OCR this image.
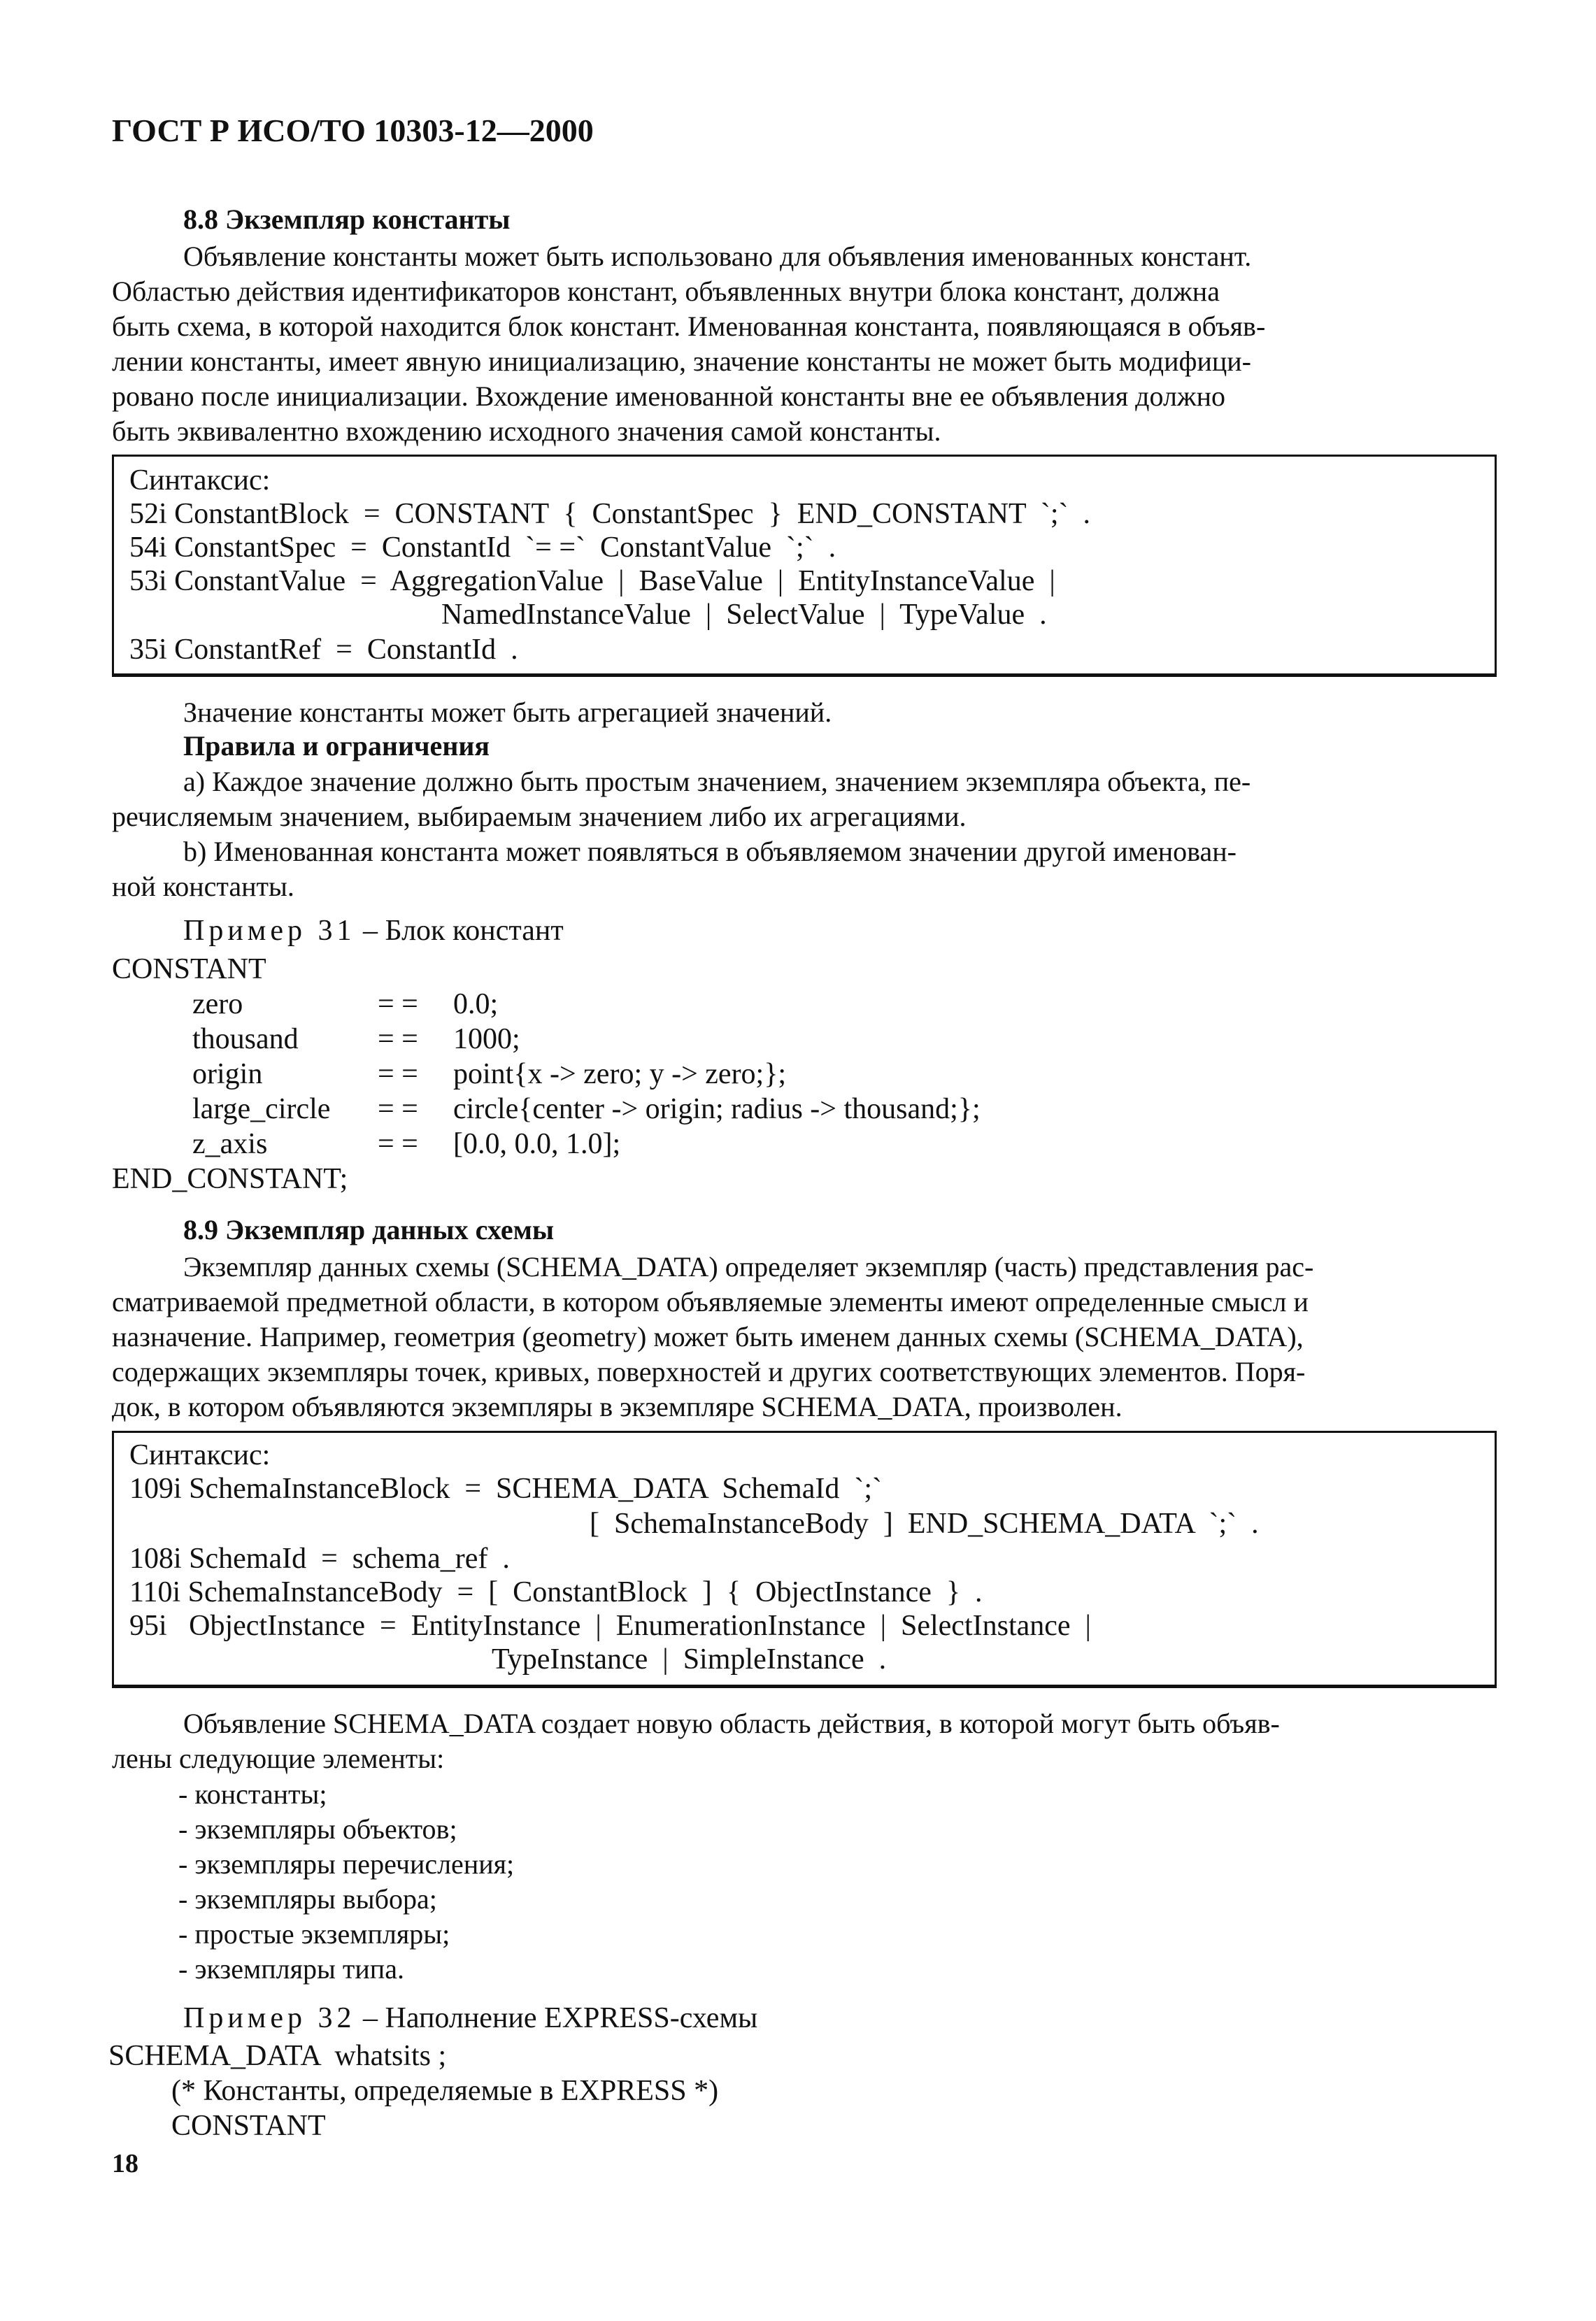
ГОСТ Р ИСО/ТО 10303-12—2000
8.8 Экземпляр константы
Объявление константы может быть использовано для объявления именованных констант.
Областью действия идентификаторов констант, объявленных внутри блока констант, должна
быть схема, в которой находится блок констант. Именованная константа, появляющаяся в объяв-
лении константы, имеет явную инициализацию, значение константы не может быть модифици-
ровано после инициализации. Вхождение именованной константы вне ее объявления должно
быть эквивалентно вхождению исходного значения самой константы.
Синтаксис:
52i ConstantBlock  =  CONSTANT  {  ConstantSpec  }  END_CONSTANT  `;`  .
54i ConstantSpec  =  ConstantId  `= =`  ConstantValue  `;`  .
53i ConstantValue  =  AggregationValue  |  BaseValue  |  EntityInstanceValue  |
NamedInstanceValue  |  SelectValue  |  TypeValue  .
35i ConstantRef  =  ConstantId  .
Значение константы может быть агрегацией значений.
Правила и ограничения
a) Каждое значение должно быть простым значением, значением экземпляра объекта, пе-
речисляемым значением, выбираемым значением либо их агрегациями.
b) Именованная константа может появляться в объявляемом значении другой именован-
ной константы.
Пример 31 – Блок констант
CONSTANT
zero	= = 0.0;
thousand	= = 1000;
origin	= = point{x -> zero; y -> zero;};
large_circle = = circle{center -> origin; radius -> thousand;};
z_axis	= = [0.0, 0.0, 1.0];
END_CONSTANT;
8.9 Экземпляр данных схемы
Экземпляр данных схемы (SCHEMA_DATA) определяет экземпляр (часть) представления рас-
сматриваемой предметной области, в котором объявляемые элементы имеют определенные смысл и
назначение. Например, геометрия (geometry) может быть именем данных схемы (SCHEMA_DATA),
содержащих экземпляры точек, кривых, поверхностей и других соответствующих элементов. Поря-
док, в котором объявляются экземпляры в экземпляре SCHEMA_DATA, произволен.
Синтаксис:
109i SchemaInstanceBlock  =  SCHEMA_DATA  SchemaId  `;`
[  SchemaInstanceBody  ]  END_SCHEMA_DATA  `;`  .
108i SchemaId  =  schema_ref  .
110i SchemaInstanceBody  =  [  ConstantBlock  ]  {  ObjectInstance  }  .
95i   ObjectInstance  =  EntityInstance  |  EnumerationInstance  |  SelectInstance  |
TypeInstance  |  SimpleInstance  .
Объявление SCHEMA_DATA создает новую область действия, в которой могут быть объяв-
лены следующие элементы:
- константы;
- экземпляры объектов;
- экземпляры перечисления;
- экземпляры выбора;
- простые экземпляры;
- экземпляры типа.
Пример 32 – Наполнение EXPRESS-схемы
SCHEMA_DATA  whatsits ;
(* Константы, определяемые в EXPRESS *)
CONSTANT
18
